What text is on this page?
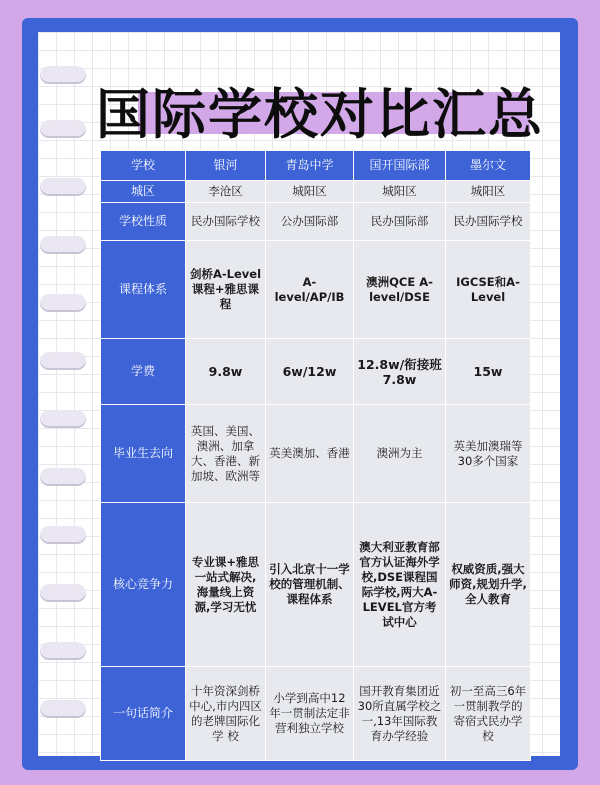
国际学校对比汇总
学校	银河	青岛中学	国开国际部	墨尔文
城区	李沧区	城阳区	城阳区	城阳区
学校性质	民办国际学校	公办国际部	民办国际部	民办国际学校
课程体系	剑桥A-Level课程+雅思课程	A-level/AP/IB	澳洲QCE A-level/DSE	IGCSE和A-Level
学费	9.8w	6w/12w	12.8w/衔接班7.8w	15w
毕业生去向	英国、美国、澳洲、加拿大、香港、新加坡、欧洲等	英美澳加、香港	澳洲为主	英美加澳瑞等30多个国家
核心竞争力	专业课+雅思一站式解决,海量线上资源,学习无忧	引入北京十一学校的管理机制、课程体系	澳大利亚教育部官方认证海外学校,DSE课程国际学校,两大A-LEVEL官方考试中心	权威资质,强大师资,规划升学,全人教育
一句话简介	十年资深剑桥中心,市内四区的老牌国际化学 校	小学到高中12年一贯制法定非营利独立学校	国开教育集团近30所直属学校之一,13年国际教育办学经验	初一至高三6年一贯制教学的寄宿式民办学校
